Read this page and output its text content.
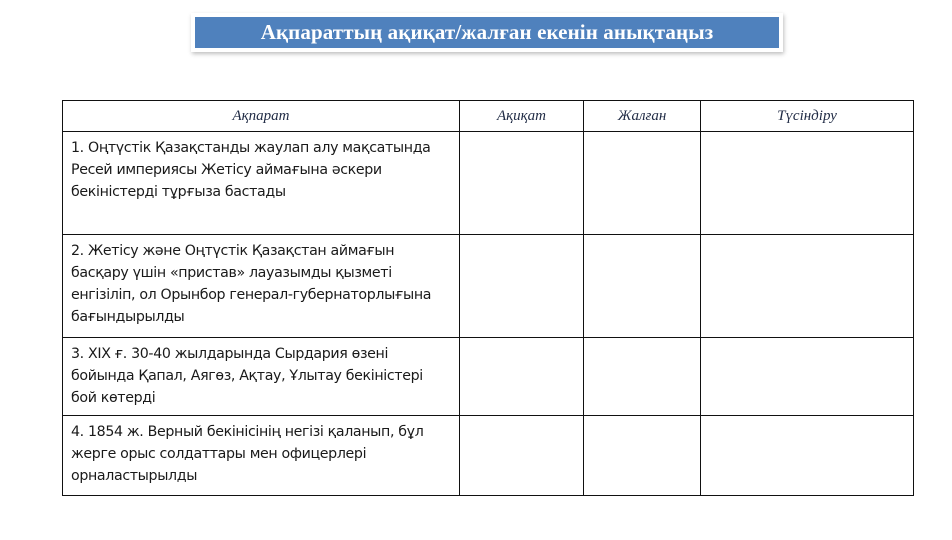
Ақпараттың ақиқат/жалған екенін анықтаңыз
Ақпарат	Ақиқат	Жалған	Түсіндіру

1. Оңтүстік Қазақстанды жаулап алу мақсатында Ресей империясы Жетісу аймағына әскери бекіністерді тұрғыза бастады			

2. Жетісу және Оңтүстік Қазақстан аймағын басқару үшін «пристав» лауазымды қызметі енгізіліп, ол Орынбор генерал-губернаторлығына бағындырылды			

3. XIX ғ. 30-40 жылдарында Сырдария өзені бойында Қапал, Аягөз, Ақтау, Ұлытау бекіністері бой көтерді			

4. 1854 ж. Верный бекінісінің негізі қаланып, бұл жерге орыс солдаттары мен офицерлері орналастырылды			
